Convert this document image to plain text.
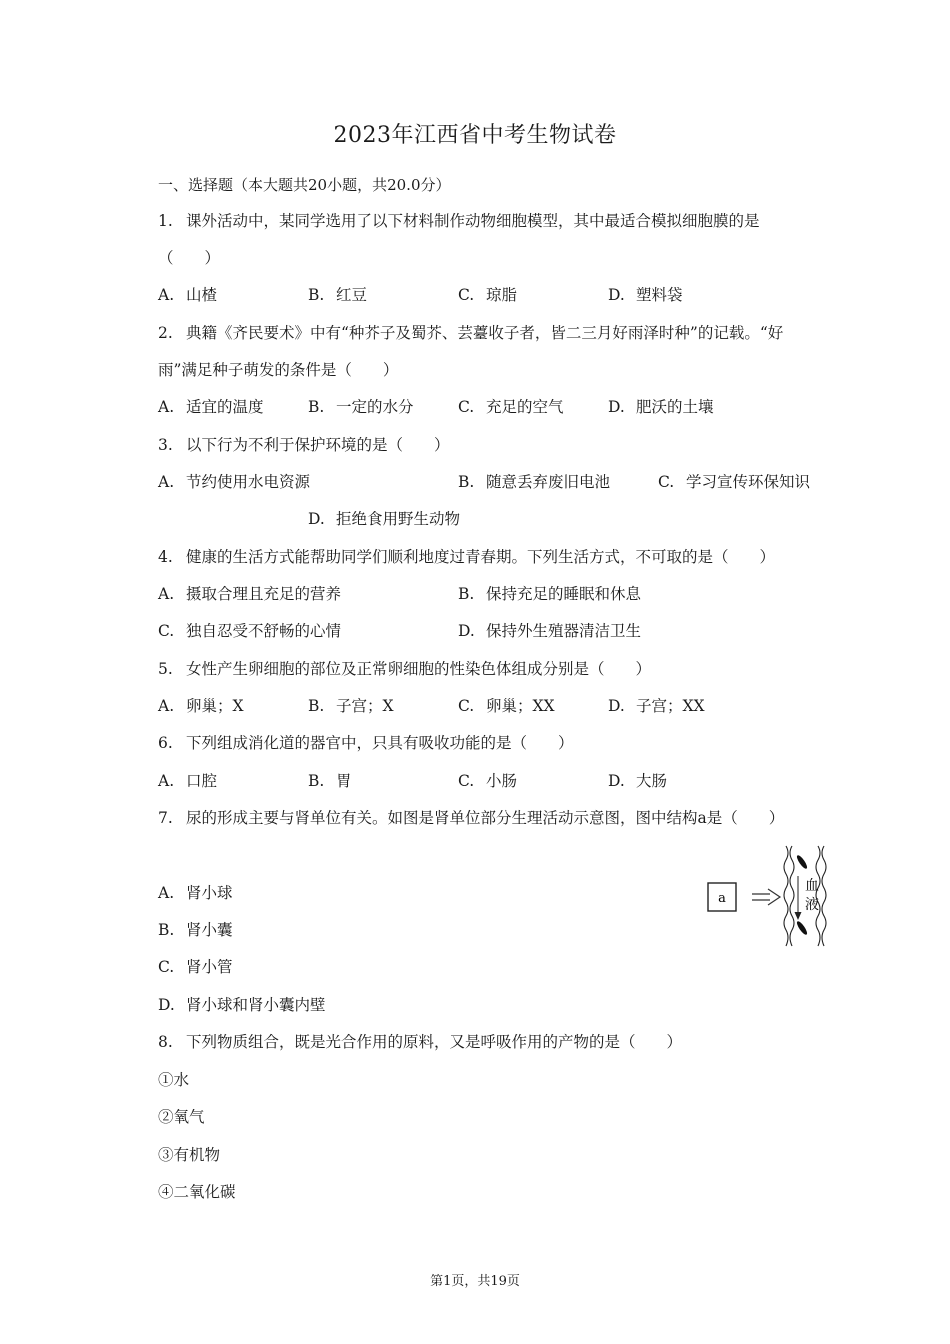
2023年江西省中考生物试卷
一、选择题（本大题共20小题，共20.0分）
1. 课外活动中，某同学选用了以下材料制作动物细胞模型，其中最适合模拟细胞膜的是
（　　）
A. 山楂	B. 红豆	C. 琼脂	D. 塑料袋
2. 典籍《齐民要术》中有“种芥子及蜀芥、芸薹收子者，皆二三月好雨泽时种”的记载。“好
雨”满足种子萌发的条件是（　　）
A. 适宜的温度	B. 一定的水分	C. 充足的空气	D. 肥沃的土壤
3. 以下行为不利于保护环境的是（　　）
A. 节约使用水电资源	B. 随意丢弃废旧电池	C. 学习宣传环保知识
D. 拒绝食用野生动物
4. 健康的生活方式能帮助同学们顺利地度过青春期。下列生活方式，不可取的是（　　）
A. 摄取合理且充足的营养	B. 保持充足的睡眠和休息
C. 独自忍受不舒畅的心情	D. 保持外生殖器清洁卫生
5. 女性产生卵细胞的部位及正常卵细胞的性染色体组成分别是（　　）
A. 卵巢；X	B. 子宫；X	C. 卵巢；XX	D. 子宫；XX
6. 下列组成消化道的器官中，只具有吸收功能的是（　　）
A. 口腔	B. 胃	C. 小肠	D. 大肠
7. 尿的形成主要与肾单位有关。如图是肾单位部分生理活动示意图，图中结构a是（　　）
A. 肾小球
B. 肾小囊
C. 肾小管
D. 肾小球和肾小囊内壁
a
血
液
8. 下列物质组合，既是光合作用的原料，又是呼吸作用的产物的是（　　）
①水
②氧气
③有机物
④二氧化碳
第1页，共19页
